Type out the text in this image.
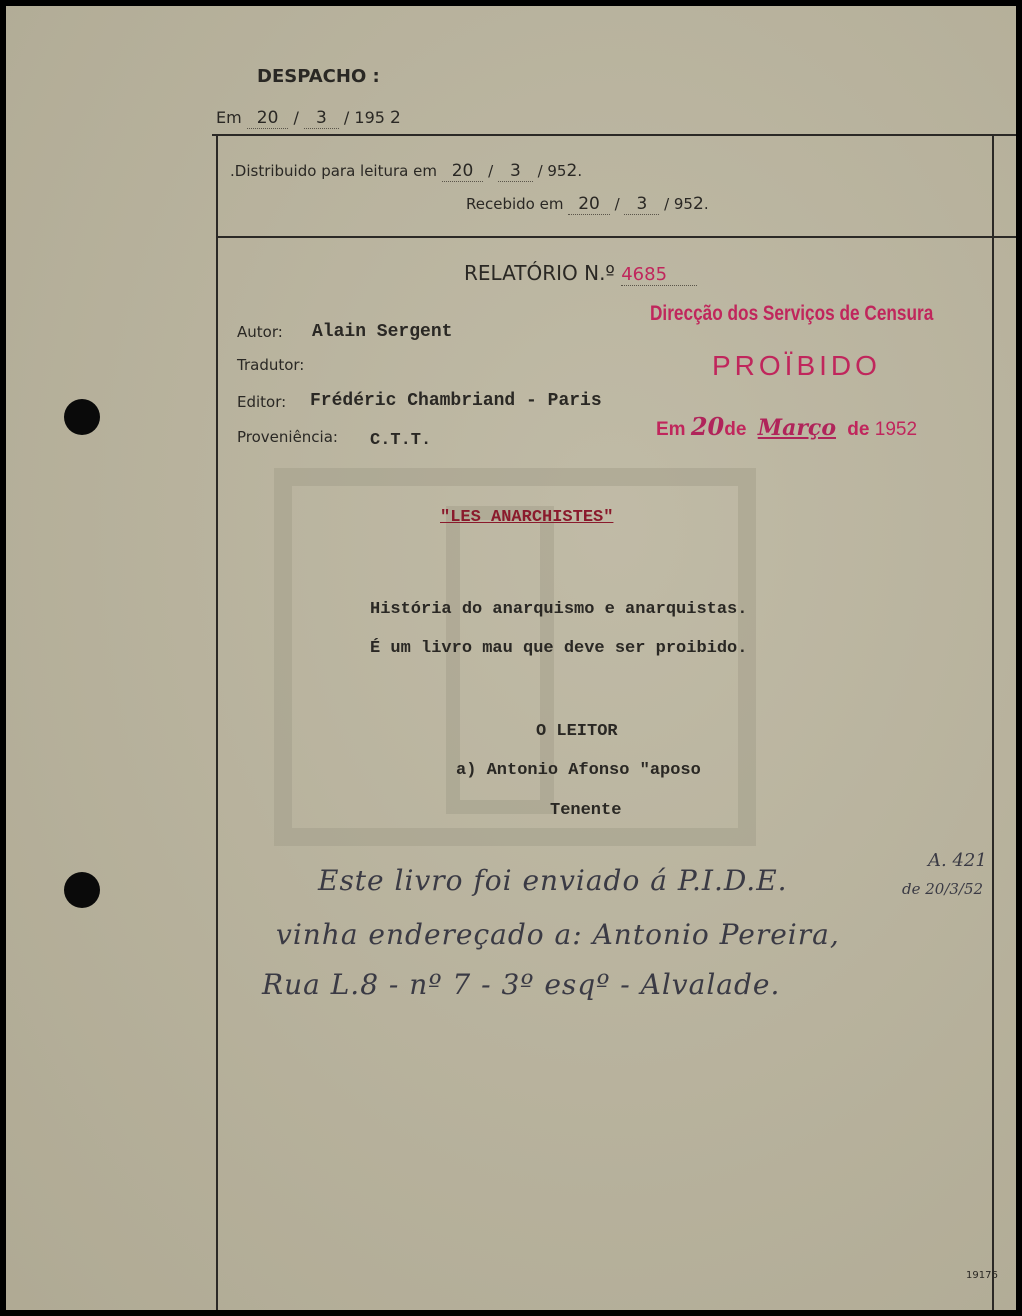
DESPACHO :
Em 20 / 3 / 195 2
.Distribuido para leitura em 20 / 3 / 952.
Recebido em 20 / 3 / 952.
RELATÓRIO N.º 4685
Autor: Alain Sergent
Tradutor:
Editor: Frédéric Chambriand - Paris
Proveniência: C.T.T.
Direcção dos Serviços de Censura
PROÏBIDO
Em 20de Março de 1952
"LES ANARCHISTES"
História do anarquismo e anarquistas.
É um livro mau que deve ser proibido.
O LEITOR
a) Antonio Afonso "aposo
Tenente
Este livro foi enviado á P.I.D.E.
A. 421
de 20/3/52
vinha endereçado a: Antonio Pereira,
Rua L.8 - nº 7 - 3º esqº - Alvalade.
19176
